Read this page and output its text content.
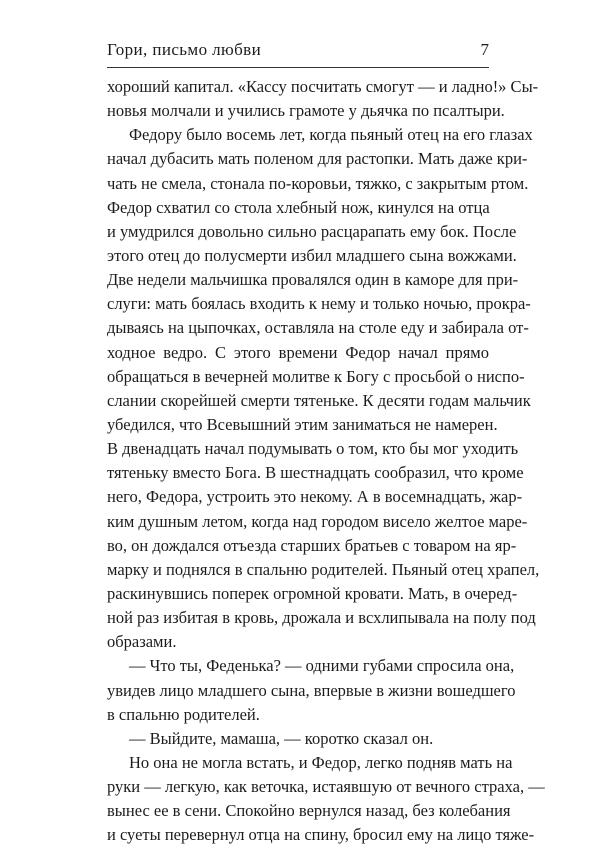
Гори, письмо любви	7
хороший капитал. «Кассу посчитать смогут — и ладно!» Сы-
новья молчали и учились грамоте у дьячка по псалтыри.
Федору было восемь лет, когда пьяный отец на его глазах
начал дубасить мать поленом для растопки. Мать даже кри-
чать не смела, стонала по-коровьи, тяжко, с закрытым ртом.
Федор схватил со стола хлебный нож, кинулся на отца
и умудрился довольно сильно расцарапать ему бок. После
этого отец до полусмерти избил младшего сына вожжами.
Две недели мальчишка провалялся один в каморе для при-
слуги: мать боялась входить к нему и только ночью, прокра-
дываясь на цыпочках, оставляла на столе еду и забирала от-
ходное ведро. С этого времени Федор начал прямо
обращаться в вечерней молитве к Богу с просьбой о ниспо-
слании скорейшей смерти тятеньке. К десяти годам мальчик
убедился, что Всевышний этим заниматься не намерен.
В двенадцать начал подумывать о том, кто бы мог уходить
тятеньку вместо Бога. В шестнадцать сообразил, что кроме
него, Федора, устроить это некому. А в восемнадцать, жар-
ким душным летом, когда над городом висело желтое маре-
во, он дождался отъезда старших братьев с товаром на яр-
марку и поднялся в спальню родителей. Пьяный отец храпел,
раскинувшись поперек огромной кровати. Мать, в очеред-
ной раз избитая в кровь, дрожала и всхлипывала на полу под
образами.
— Что ты, Феденька? — одними губами спросила она,
увидев лицо младшего сына, впервые в жизни вошедшего
в спальню родителей.
— Выйдите, мамаша, — коротко сказал он.
Но она не могла встать, и Федор, легко подняв мать на
руки — легкую, как веточка, истаявшую от вечного страха, —
вынес ее в сени. Спокойно вернулся назад, без колебания
и суеты перевернул отца на спину, бросил ему на лицо тяже-
